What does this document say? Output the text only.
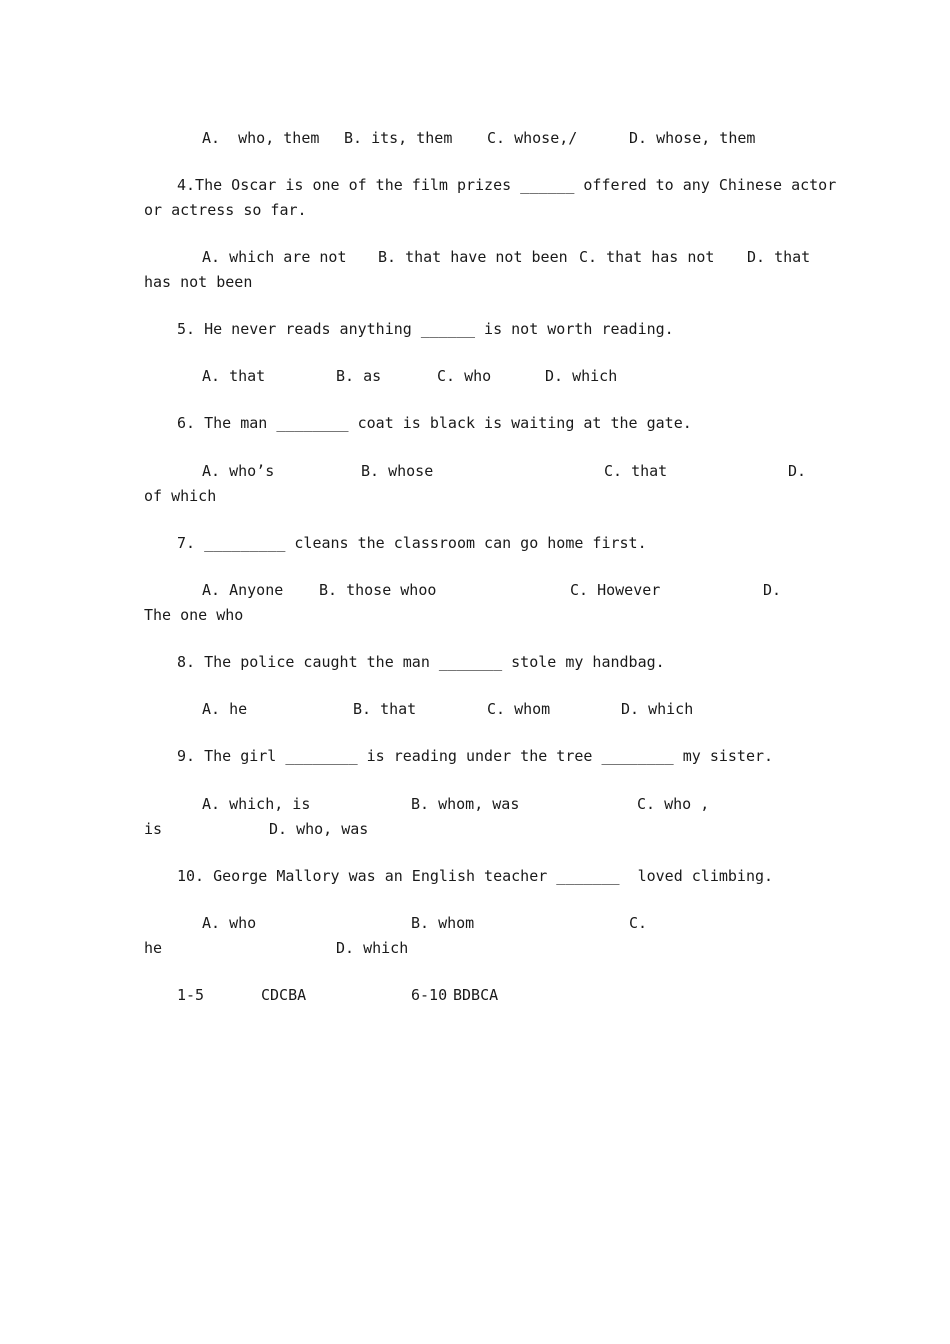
A.  who, them B. its, them C. whose,/	D. whose, them
4.The Oscar is one of the film prizes ______ offered to any Chinese actor
or actress so far.
A. which are not B. that have not been C. that has not D. that
has not been
5. He never reads anything ______ is not worth reading.
A. that	B. as	C. who	D. which
6. The man ________ coat is black is waiting at the gate.
A. who’s	B. whose	C. that	D.
of which
7. _________ cleans the classroom can go home first.
A. Anyone B. those whoo	C. However	D.
The one who
8. The police caught the man _______ stole my handbag.
A. he	B. that	C. whom	D. which
9. The girl ________ is reading under the tree ________ my sister.
A. which, is	B. whom, was	C. who ,
is	D. who, was
10. George Mallory was an English teacher _______  loved climbing.
A. who	B. whom	C.
he	D. which
1-5	CDCBA	6-10 BDBCA
